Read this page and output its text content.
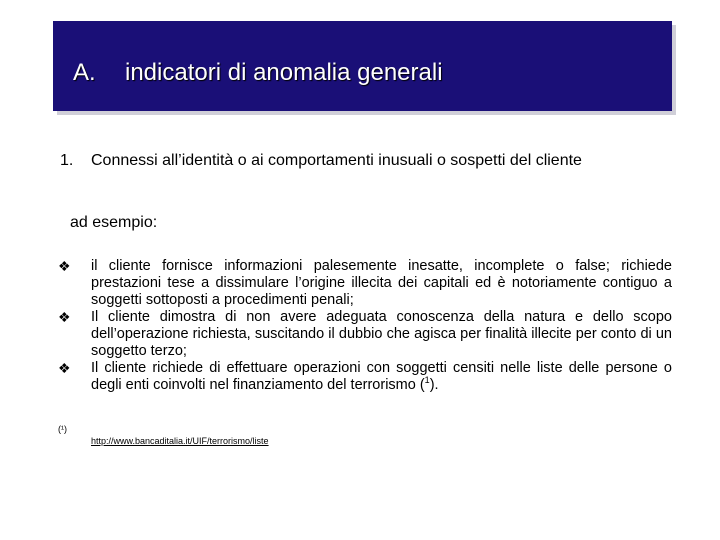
A. indicatori di anomalia generali
1. Connessi all’identità o ai comportamenti inusuali o sospetti del cliente
ad esempio:
❖ il cliente fornisce informazioni palesemente inesatte, incomplete o false; richiede prestazioni tese a dissimulare l’origine illecita dei capitali ed è notoriamente contiguo a soggetti sottoposti a procedimenti penali;
❖ Il cliente dimostra di non avere adeguata conoscenza della natura e dello scopo dell’operazione richiesta, suscitando il dubbio che agisca per finalità illecite per conto di un soggetto terzo;
❖ Il cliente richiede di effettuare operazioni con soggetti censiti nelle liste delle persone o degli enti coinvolti nel finanziamento del terrorismo ($^1$).
(¹)
http://www.bancaditalia.it/UIF/terrorismo/liste
